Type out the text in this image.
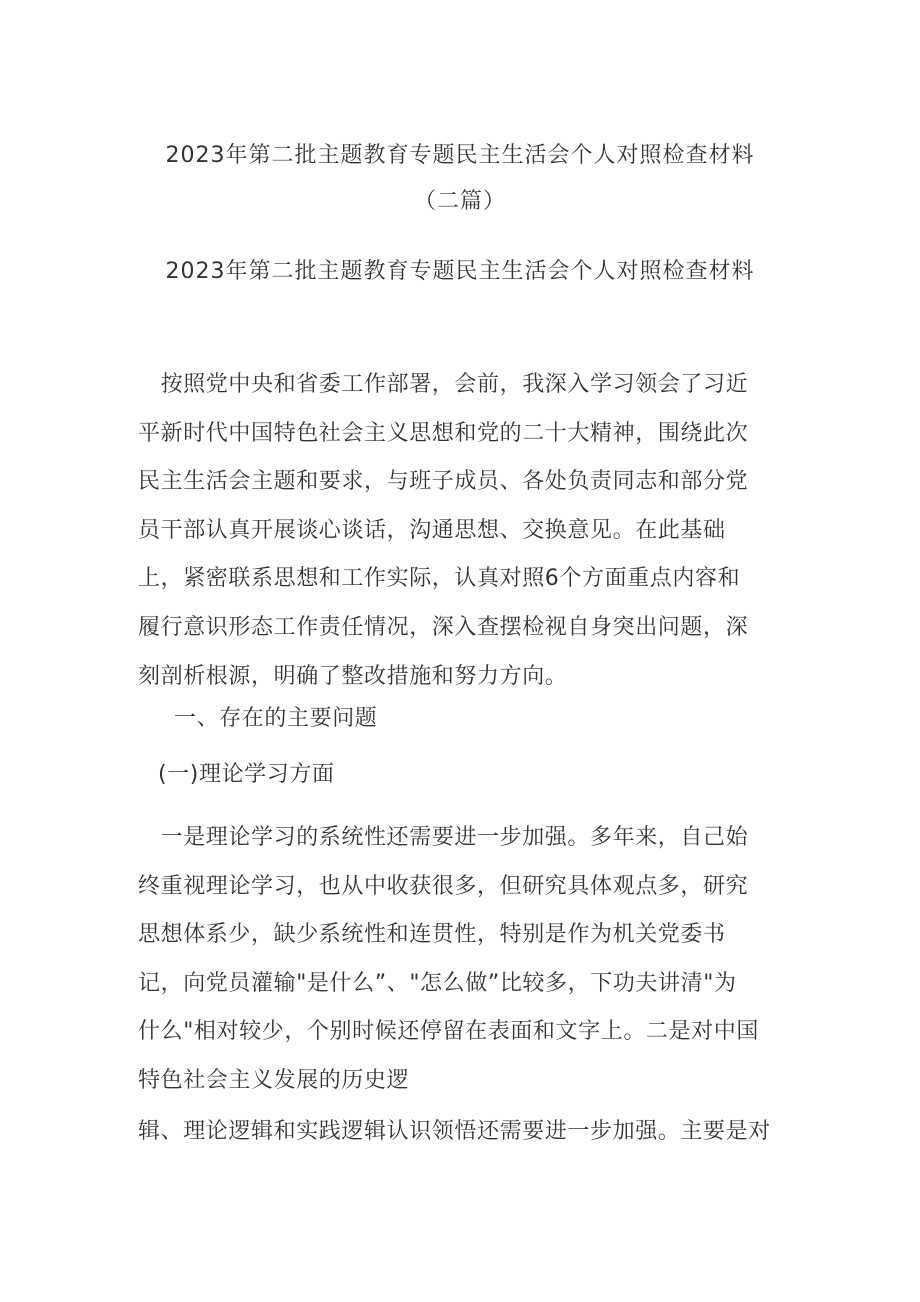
2023年第二批主题教育专题民主生活会个人对照检查材料
（二篇）
2023年第二批主题教育专题民主生活会个人对照检查材料
　按照党中央和省委工作部署，会前，我深入学习领会了习近
平新时代中国特色社会主义思想和党的二十大精神，围绕此次
民主生活会主题和要求，与班子成员、各处负责同志和部分党
员干部认真开展谈心谈话，沟通思想、交换意见。在此基础
上，紧密联系思想和工作实际，认真对照6个方面重点内容和
履行意识形态工作责任情况，深入查摆检视自身突出问题，深
刻剖析根源，明确了整改措施和努力方向。
一、存在的主要问题
(一)理论学习方面
　一是理论学习的系统性还需要进一步加强。多年来，自己始
终重视理论学习，也从中收获很多，但研究具体观点多，研究
思想体系少，缺少系统性和连贯性，特别是作为机关党委书
记，向党员灌输"是什么”、"怎么做”比较多，下功夫讲清"为
什么"相对较少，个别时候还停留在表面和文字上。二是对中国
特色社会主义发展的历史逻
辑、理论逻辑和实践逻辑认识领悟还需要进一步加强。主要是对
